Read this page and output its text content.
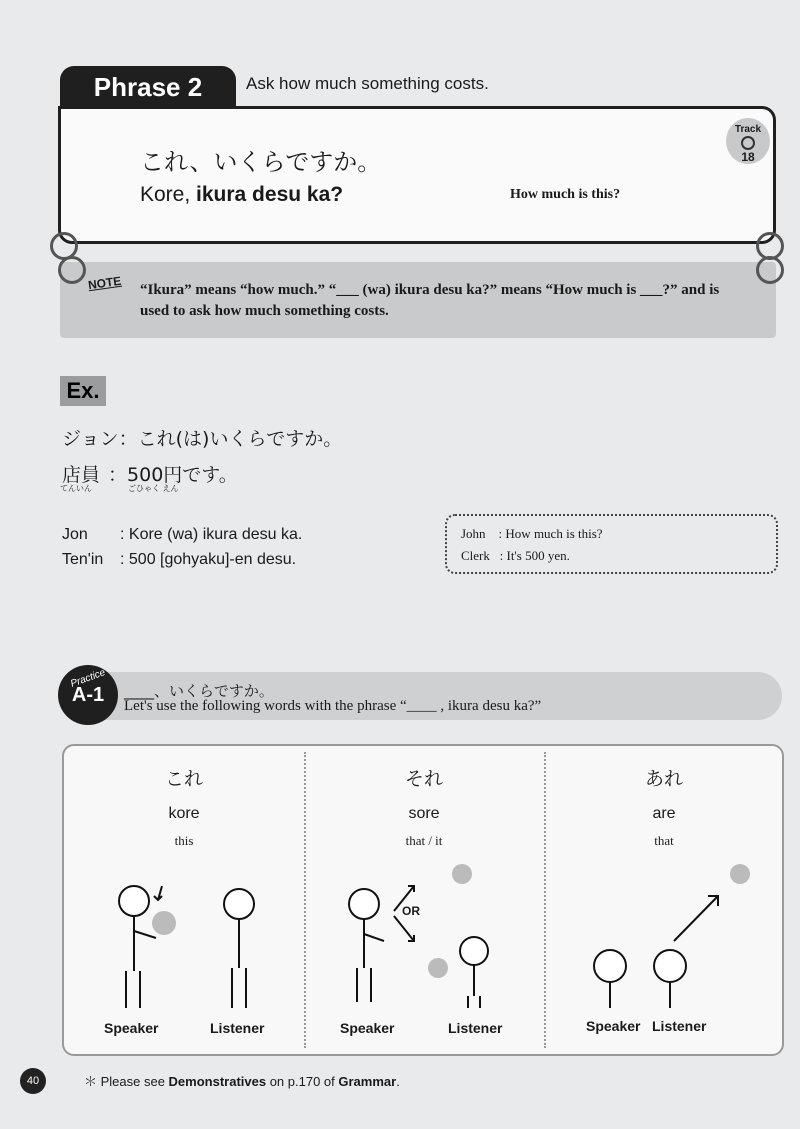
Phrase 2	Ask how much something costs.
これ、いくらですか。
Kore, ikura desu ka?	How much is this?
Track
18
NOTE “Ikura” means “how much.” “___ (wa) ikura desu ka?” means “How much is ___?” and is used to ask how much something costs.
Ex.
ジョン：これ(は)いくらですか。
店員 ：500円です。
てんいん	ごひゃく えん
Jon : Kore (wa) ikura desu ka.
Ten'in : 500 [gohyaku]-en desu.
John    : How much is this?
Clerk   : It's 500 yen.
Practice
A-1	____、いくらですか。
Let's use the following words with the phrase “____ , ikura desu ka?”
これ
kore
this
それ
sore
that / it
あれ
are
that
OR
Speaker	Listener	Speaker	Listener	Speaker Listener
40	＊ Please see Demonstratives on p.170 of Grammar.
